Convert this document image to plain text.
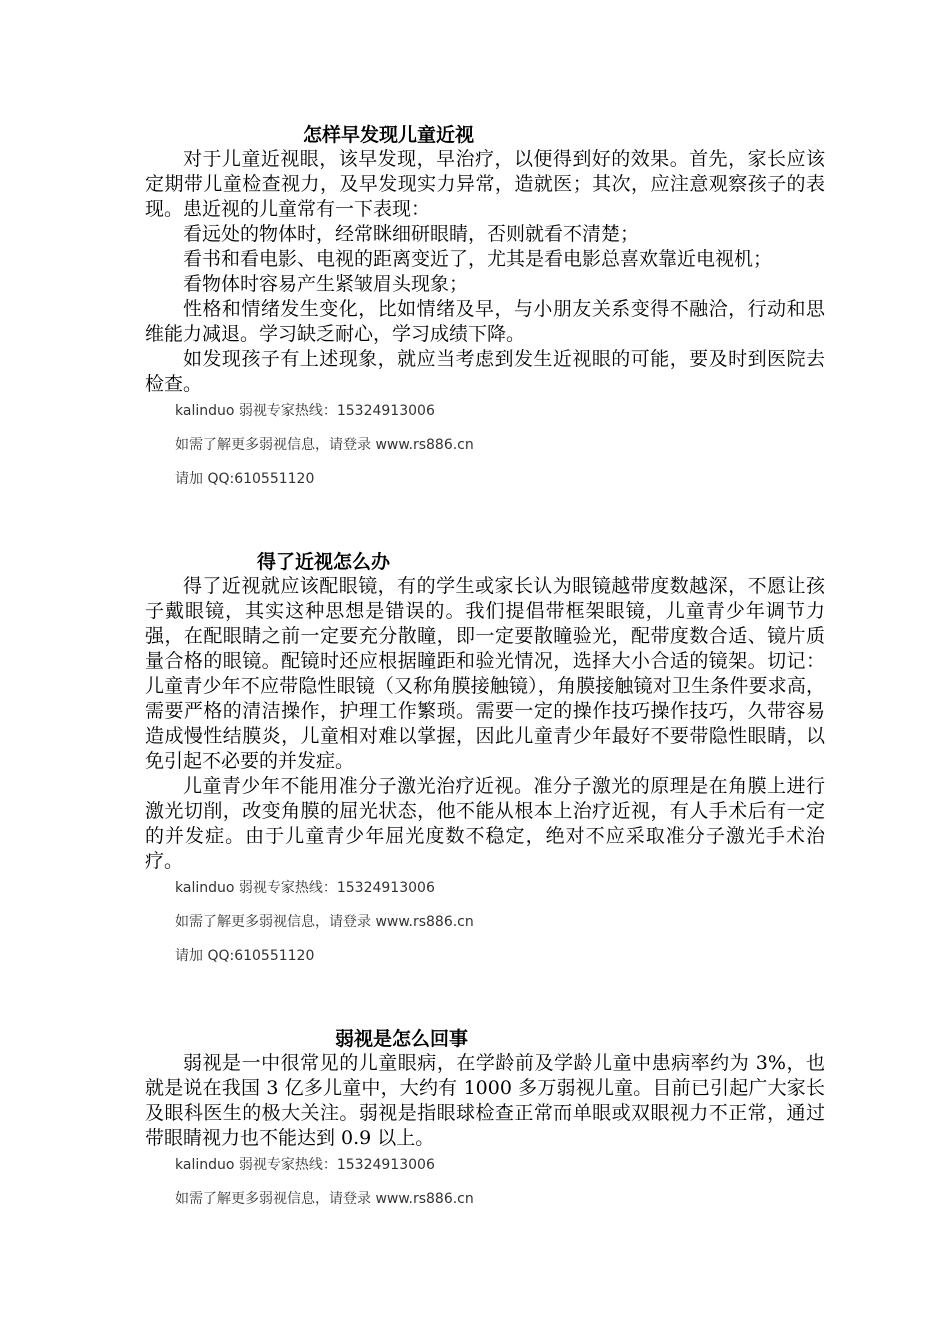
怎样早发现儿童近视

对于儿童近视眼，该早发现，早治疗，以便得到好的效果。首先，家长应该定期带儿童检查视力，及早发现实力异常，造就医；其次，应注意观察孩子的表现。患近视的儿童常有一下表现：

看远处的物体时，经常眯细研眼睛，否则就看不清楚；

看书和看电影、电视的距离变近了，尤其是看电影总喜欢靠近电视机；

看物体时容易产生紧皱眉头现象；

性格和情绪发生变化，比如情绪及早，与小朋友关系变得不融洽，行动和思维能力减退。学习缺乏耐心，学习成绩下降。

如发现孩子有上述现象，就应当考虑到发生近视眼的可能，要及时到医院去检查。

kalinduo 弱视专家热线：15324913006
如需了解更多弱视信息，请登录 www.rs886.cn
请加 QQ:610551120
得了近视怎么办

得了近视就应该配眼镜，有的学生或家长认为眼镜越带度数越深，不愿让孩子戴眼镜，其实这种思想是错误的。我们提倡带框架眼镜，儿童青少年调节力强，在配眼睛之前一定要充分散瞳，即一定要散瞳验光，配带度数合适、镜片质量合格的眼镜。配镜时还应根据瞳距和验光情况，选择大小合适的镜架。切记：儿童青少年不应带隐性眼镜（又称角膜接触镜），角膜接触镜对卫生条件要求高，需要严格的清洁操作，护理工作繁琐。需要一定的操作技巧操作技巧，久带容易造成慢性结膜炎，儿童相对难以掌握，因此儿童青少年最好不要带隐性眼睛，以免引起不必要的并发症。

儿童青少年不能用准分子激光治疗近视。准分子激光的原理是在角膜上进行激光切削，改变角膜的屈光状态，他不能从根本上治疗近视，有人手术后有一定的并发症。由于儿童青少年屈光度数不稳定，绝对不应采取准分子激光手术治疗。

kalinduo 弱视专家热线：15324913006
如需了解更多弱视信息，请登录 www.rs886.cn
请加 QQ:610551120
弱视是怎么回事

弱视是一中很常见的儿童眼病，在学龄前及学龄儿童中患病率约为 3%，也就是说在我国 3 亿多儿童中，大约有 1000 多万弱视儿童。目前已引起广大家长及眼科医生的极大关注。弱视是指眼球检查正常而单眼或双眼视力不正常，通过带眼睛视力也不能达到 0.9 以上。

kalinduo 弱视专家热线：15324913006
如需了解更多弱视信息，请登录 www.rs886.cn
